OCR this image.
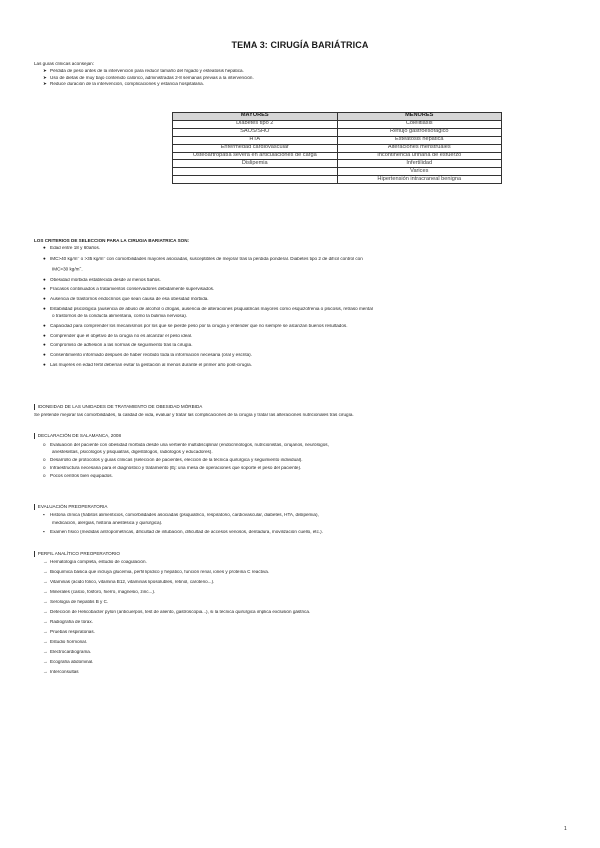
TEMA 3: CIRUGÍA BARIÁTRICA
Las guías clínicas aconsejan:
➤ Pérdida de peso antes de la intervención para reducir tamaño del hígado y esteatosis hepática.
➤ Uso de dietas de muy bajo contenido calórico, administradas 2-8 semanas previas a la intervención.
➤ Reduce duración de la intervención, complicaciones y estancia hospitalaria.
MAYORES	MENORES
Diabetes tipo 2	Colelitiasis
SAOS/SHO	Reflujo gastroesofágico
HTA	Esteatosis hepática
Enfermedad cardiovascular	Alteraciones menstruales
Osteoartropatía severa en articulaciones de carga	Incontinencia urinaria de esfuerzo
Dislipemia	Infertilidad
	Varices
	Hipertensión intracraneal benigna
LOS CRITERIOS DE SELECCIÓN PARA LA CIRUGIA BARIATRICA SON:
● Edad entre 18 y 60años.
● IMC>40 $kg/m^2$ o >35 $kg/m^2$ con comorbilidades mayores asociadas, susceptibles de mejorar tras la pérdida ponderal. Diabetes tipo 2 de difícil control con
IMC>30 $kg/m^2$.
● Obesidad mórbida establecida desde al menos 5años.
● Fracasos continuados a tratamientos conservadores debidamente supervisados.
● Ausencia de trastornos endocrinos que sean causa de esa obesidad mórbida.
● Estabilidad psicológica (ausencia de abuso de alcohol o drogas, ausencia de alteraciones psiquiátricas mayores como esquizofrenia o psicosis, retraso mental
o trastornos de la conducta alimentaria, como la bulimia nerviosa).
● Capacidad para comprender los mecanismos por los que se pierde peso por la cirugía y entender que no siempre se alcanzan buenos resultados.
● Comprender que el objetivo de la cirugía no es alcanzar el peso ideal.
● Compromiso de adhesión a las normas de seguimiento tras la cirugía.
● Consentimiento informado después de haber recibido toda la información necesaria (oral y escrita).
● Las mujeres en edad fértil deberían evitar la gestación al menos durante el primer año post-cirugía.
IDONEIDAD DE LAS UNIDADES DE TRATAMIENTO DE OBESIDAD MÓRBIDA
Se pretende mejorar las comorbilidades, la calidad de vida, evaluar y tratar las complicaciones de la cirugía y tratar las alteraciones nutricionales tras cirugía.
DECLARACIÓN DE SALAMANCA, 2008
o Evaluación del paciente con obesidad mórbida desde una vertiente multidisciplinar (endocrinólogos, nutricionistas, cirujanos, neurólogos,
anestesistas, psicólogos y psiquiatras, digestólogos, radiólogos y educadores).
o Desarrollo de protocolos y guías clínicas (selección de pacientes, elección de la técnica quirúrgica y seguimiento individual).
o Infraestructura necesaria para el diagnóstico y tratamiento (Ej: una mesa de operaciones que soporte el peso del paciente).
o Pocos centros bien equipados.
EVALUACIÓN PREOPERATORIA
▪ Historia clínica (hábitos alimenticios, comorbilidades asociadas (psiquiátrico, respiratorio, cardiovascular, diabetes, HTA, dislipemia),
medicación, alergias, historia anestésica y quirúrgica).
▪ Examen físico (medidas antropométricas, dificultad de intubación, dificultad de accesos venosos, dentadura, movilización cuello, etc.).
PERFIL ANALÍTICO PREOPERATORIO
→ Hematología completa, estudio de coagulación.
→ Bioquímica básica que incluya glucemia, perfil lipídico y hepático, función renal, iones y proteína C reactiva.
→ Vitaminas (ácido fólico, vitamina B12, vitaminas liposolubles, retinol, caroteno...).
→ Minerales (calcio, fósforo, hierro, magnesio, zinc...).
→ Serología de hepatitis B y C.
→ Detección de Helicobacter pylori (anticuerpos, test de aliento, gastroscopia...), si la técnica quirúrgica implica exclusión gástrica.
→ Radiografía de tórax.
→ Pruebas respiratorias.
→ Estudio hormonal.
→ Electrocardiograma.
→ Ecografía abdominal.
→ Interconsultas
1
